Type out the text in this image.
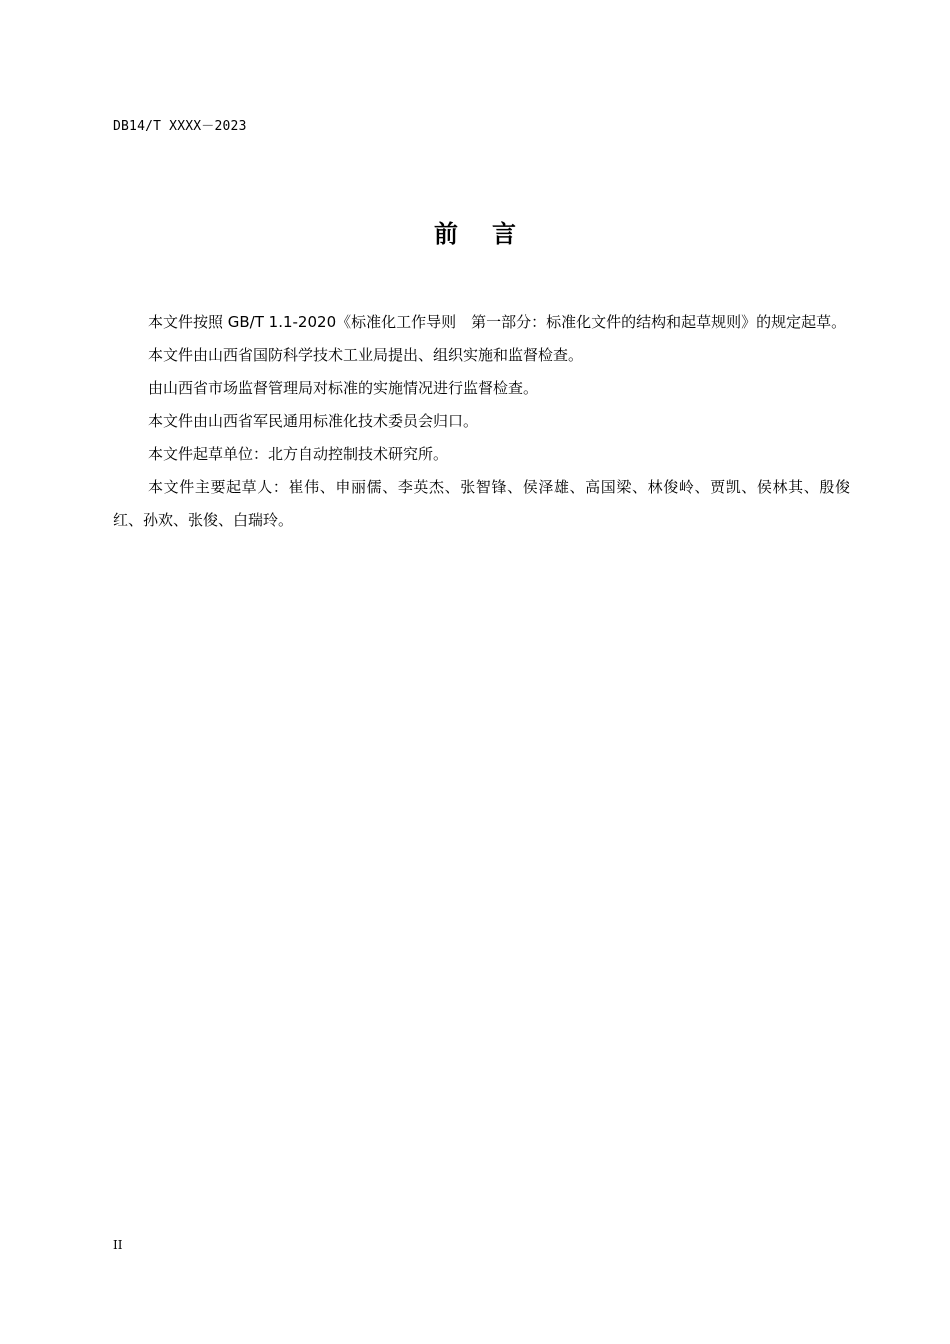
DB14/T XXXX－2023
前 言

本文件按照 GB/T 1.1-2020《标准化工作导则　第一部分：标准化文件的结构和起草规则》的规定起草。

本文件由山西省国防科学技术工业局提出、组织实施和监督检查。

由山西省市场监督管理局对标准的实施情况进行监督检查。

本文件由山西省军民通用标准化技术委员会归口。

本文件起草单位：北方自动控制技术研究所。

本文件主要起草人：崔伟、申丽儒、李英杰、张智锋、侯泽雄、高国梁、林俊岭、贾凯、侯林其、殷俊红、孙欢、张俊、白瑞玲。

II
